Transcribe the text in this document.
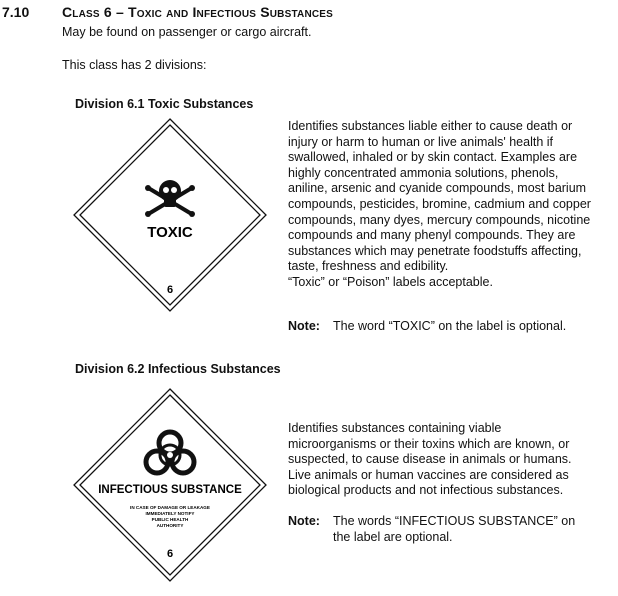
7.10 Class 6 – Toxic and Infectious Substances
May be found on passenger or cargo aircraft.
This class has 2 divisions:
Division 6.1 Toxic Substances
TOXIC
6
Identifies substances liable either to cause death or injury or harm to human or live animals' health if swallowed, inhaled or by skin contact. Examples are highly concentrated ammonia solutions, phenols, aniline, arsenic and cyanide compounds, most barium compounds, pesticides, bromine, cadmium and copper compounds, many dyes, mercury compounds, nicotine compounds and many phenyl compounds. They are substances which may penetrate foodstuffs affecting, taste, freshness and edibility.
“Toxic” or “Poison” labels acceptable.
Note:	The word “TOXIC” on the label is optional.
Division 6.2 Infectious Substances
INFECTIOUS SUBSTANCE
IN CASE OF DAMAGE OR LEAKAGE
IMMEDIATELY NOTIFY
PUBLIC HEALTH
AUTHORITY
6
Identifies substances containing viable microorganisms or their toxins which are known, or suspected, to cause disease in animals or humans. Live animals or human vaccines are considered as biological products and not infectious substances.
Note:	The words “INFECTIOUS SUBSTANCE” on the label are optional.
